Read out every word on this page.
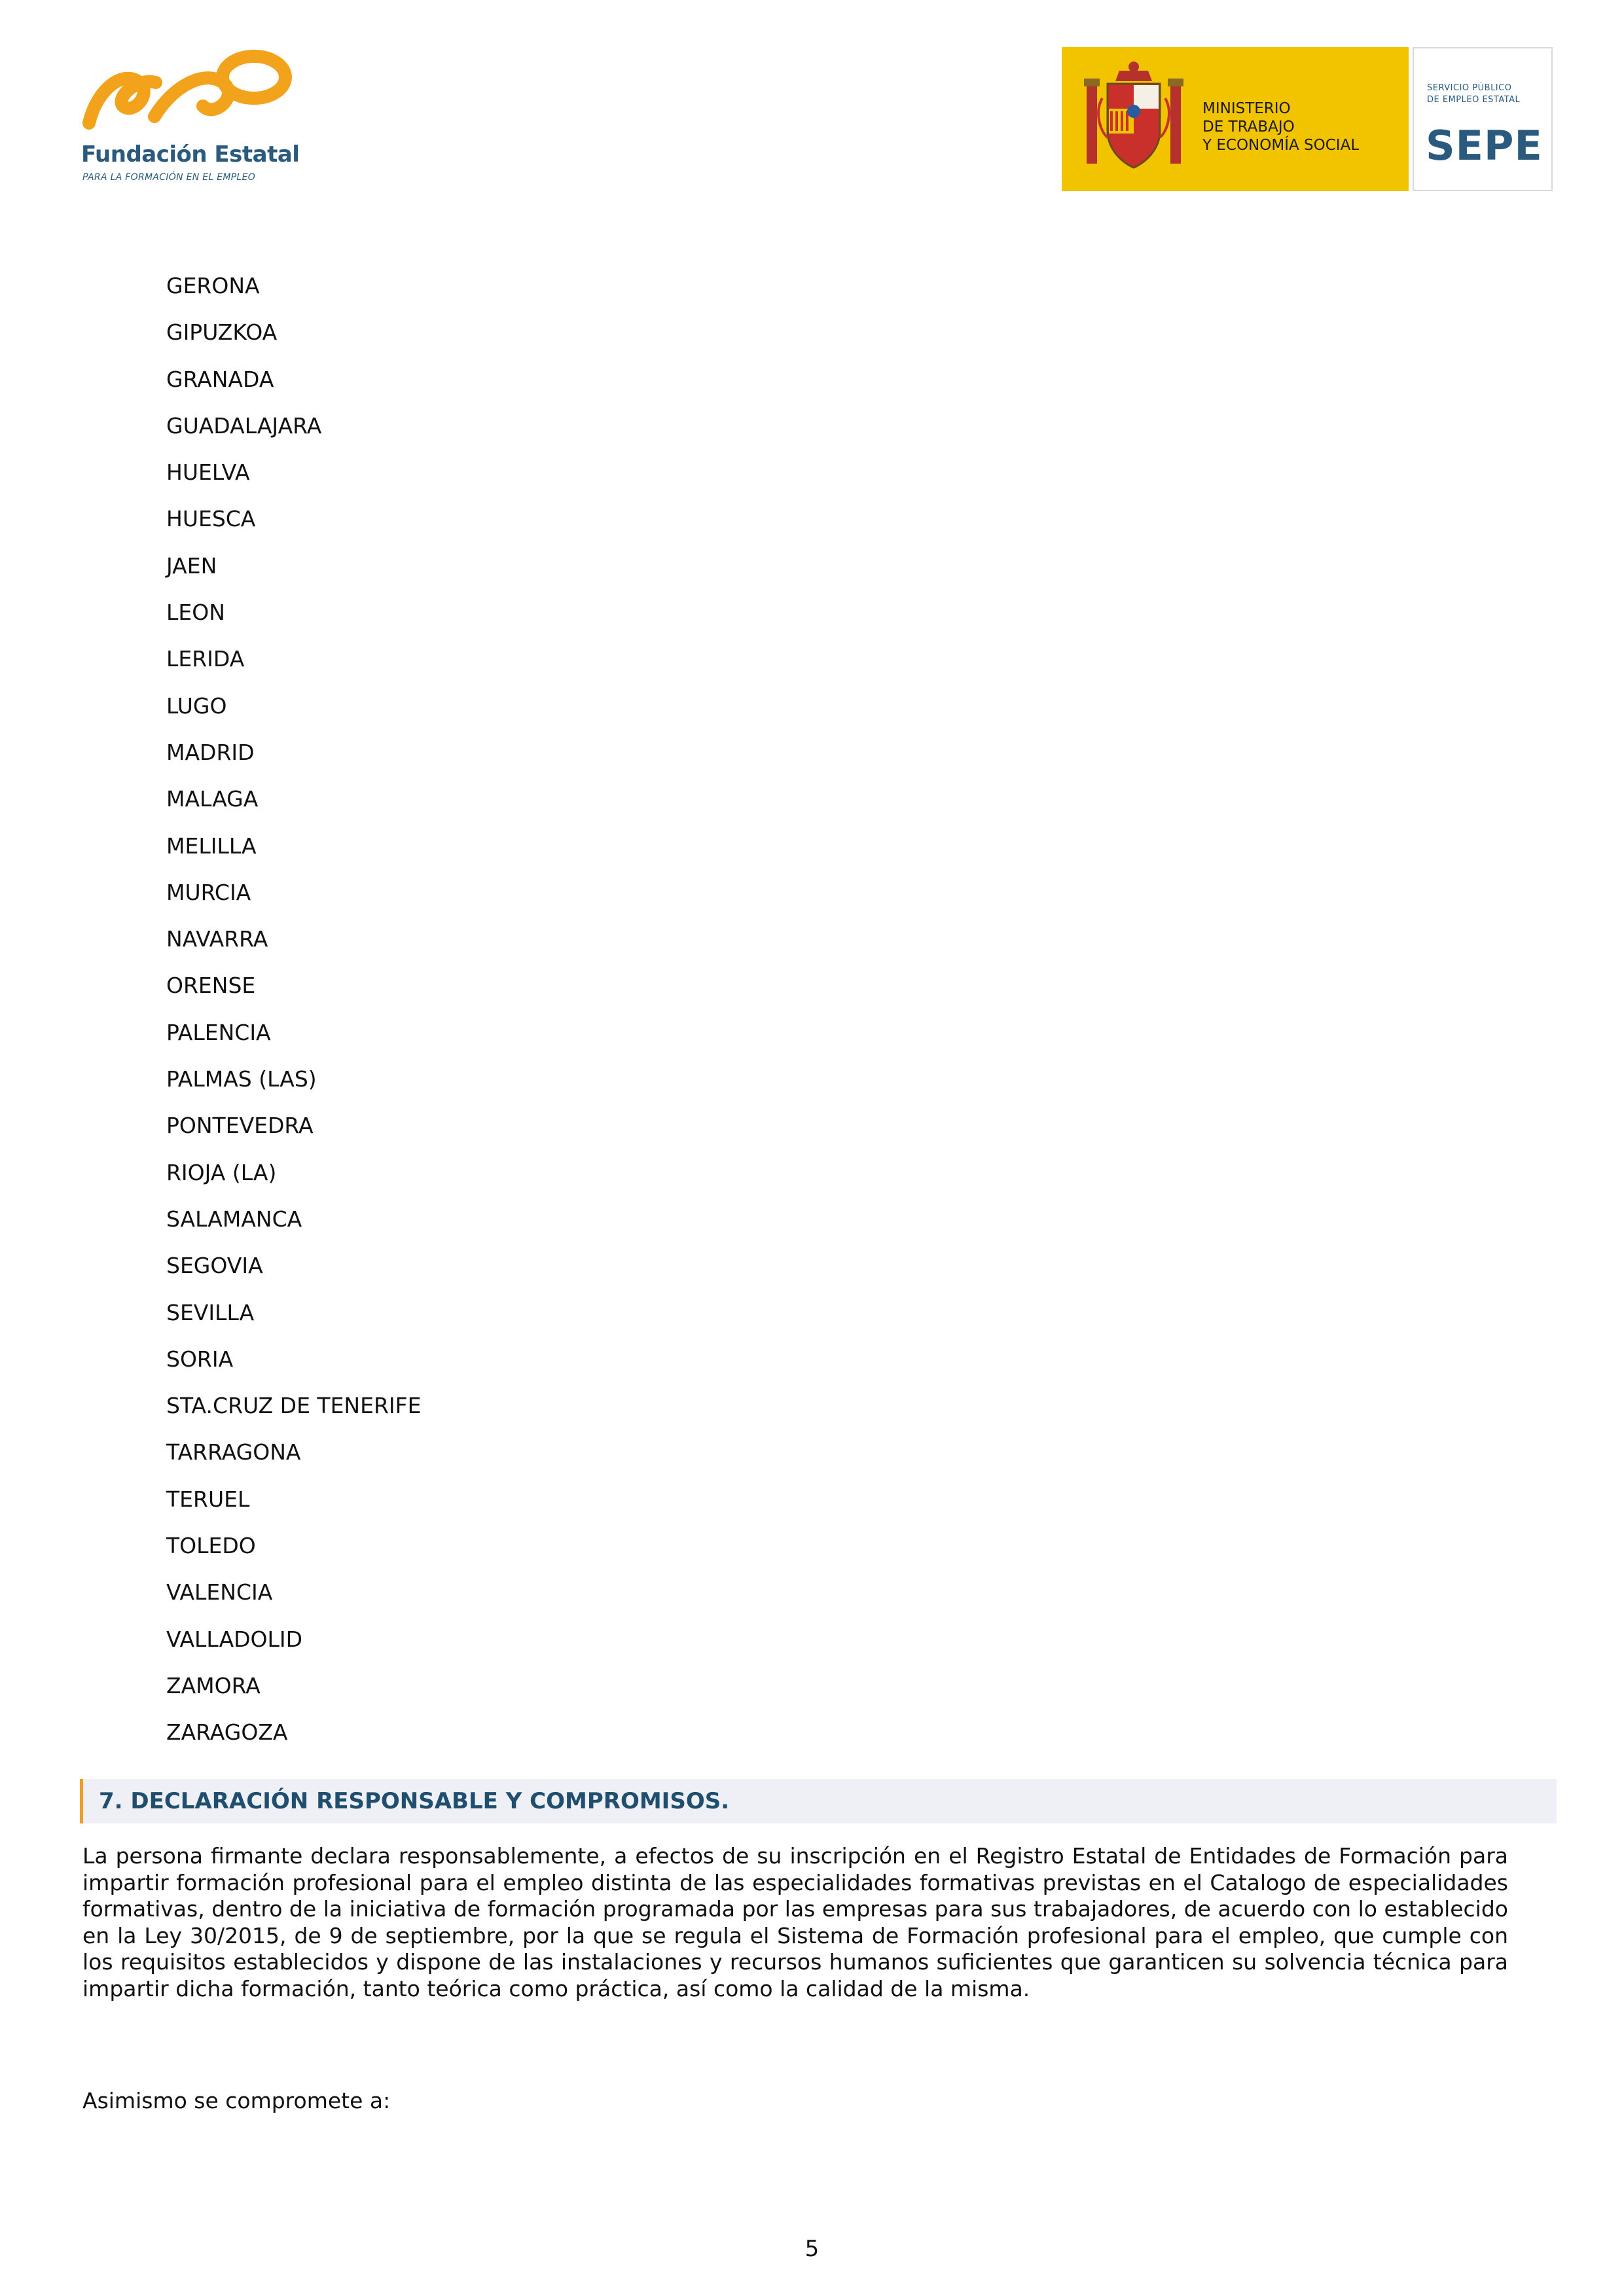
Fundación Estatal
PARA LA FORMACIÓN EN EL EMPLEO
MINISTERIO
DE TRABAJO
Y ECONOMÍA SOCIAL
SERVICIO PÚBLICO
DE EMPLEO ESTATAL
SEPE
GERONA
GIPUZKOA
GRANADA
GUADALAJARA
HUELVA
HUESCA
JAEN
LEON
LERIDA
LUGO
MADRID
MALAGA
MELILLA
MURCIA
NAVARRA
ORENSE
PALENCIA
PALMAS (LAS)
PONTEVEDRA
RIOJA (LA)
SALAMANCA
SEGOVIA
SEVILLA
SORIA
STA.CRUZ DE TENERIFE
TARRAGONA
TERUEL
TOLEDO
VALENCIA
VALLADOLID
ZAMORA
ZARAGOZA
7. DECLARACIÓN RESPONSABLE Y COMPROMISOS.

La persona firmante declara responsablemente, a efectos de su inscripción en el Registro Estatal de Entidades de Formación para impartir formación profesional para el empleo distinta de las especialidades formativas previstas en el Catalogo de especialidades formativas, dentro de la iniciativa de formación programada por las empresas para sus trabajadores, de acuerdo con lo establecido en la Ley 30/2015, de 9 de septiembre, por la que se regula el Sistema de Formación profesional para el empleo, que cumple con los requisitos establecidos y dispone de las instalaciones y recursos humanos suficientes que garanticen su solvencia técnica para impartir dicha formación, tanto teórica como práctica, así como la calidad de la misma.

Asimismo se compromete a:

5
